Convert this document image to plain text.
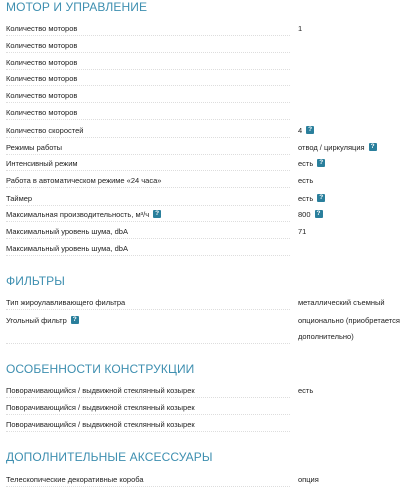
МОТОР И УПРАВЛЕНИЕ
Количество моторов	1
Количество моторов
Количество моторов
Количество моторов
Количество моторов
Количество моторов
Количество скоростей	4 ?
Режимы работы	отвод / циркуляция ?
Интенсивный режим	есть ?
Работа в автоматическом режиме «24 часа»	есть
Таймер	есть ?
Максимальная производительность, м³/ч ?	800 ?
Максимальный уровень шума, dbA	71
Максимальный уровень шума, dbA
ФИЛЬТРЫ
Тип жироулавливающего фильтра	металлический съемный
Угольный фильтр ?	опционально (приобретается
дополнительно)
ОСОБЕННОСТИ КОНСТРУКЦИИ
Поворачивающийся / выдвижной стеклянный козырек	есть
Поворачивающийся / выдвижной стеклянный козырек
Поворачивающийся / выдвижной стеклянный козырек
ДОПОЛНИТЕЛЬНЫЕ АКСЕССУАРЫ
Телескопические декоративные короба	опция
